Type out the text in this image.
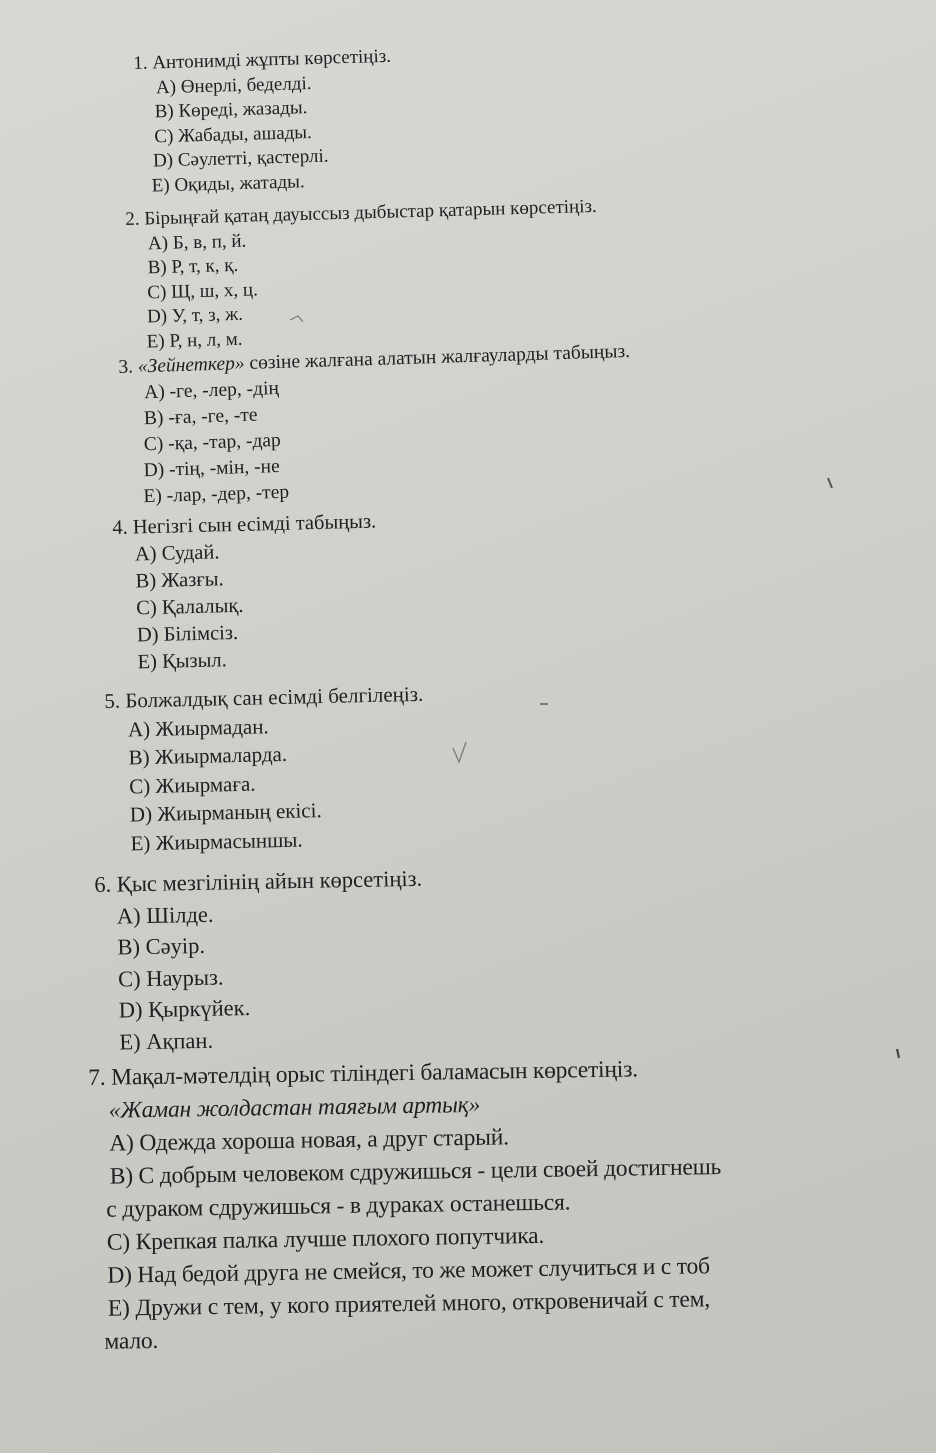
1. Антонимді жұпты көрсетіңіз.
A) Өнерлі, беделді.
B) Көреді, жазады.
C) Жабады, ашады.
D) Сәулетті, қастерлі.
E) Оқиды, жатады.
2. Бірыңғай қатаң дауыссыз дыбыстар қатарын көрсетіңіз.
A) Б, в, п, й.
B) Р, т, к, қ.
C) Щ, ш, х, ц.
D) У, т, з, ж.
E) Р, н, л, м.
3. «Зейнеткер» сөзіне жалғана алатын жалғауларды табыңыз.
A) -ге, -лер, -дің
B) -ға, -ге, -те
C) -қа, -тар, -дар
D) -тің, -мін, -не
E) -лар, -дер, -тер
4. Негізгі сын есімді табыңыз.
A) Судай.
B) Жазғы.
C) Қалалық.
D) Білімсіз.
E) Қызыл.
5. Болжалдық сан есімді белгілеңіз.
A) Жиырмадан.
B) Жиырмаларда.
C) Жиырмаға.
D) Жиырманың екісі.
E) Жиырмасыншы.
6. Қыс мезгілінің айын көрсетіңіз.
A) Шілде.
B) Сәуір.
C) Наурыз.
D) Қыркүйек.
E) Ақпан.
7. Мақал-мәтелдің орыс тіліндегі баламасын көрсетіңіз.
«Жаман жолдастан таяғым артық»
A) Одежда хороша новая, а друг старый.
B) С добрым человеком сдружишься - цели своей достигнешь
с дураком сдружишься - в дураках останешься.
C) Крепкая палка лучше плохого попутчика.
D) Над бедой друга не смейся, то же может случиться и с тоб
E) Дружи с тем, у кого приятелей много, откровеничай с тем,
мало.
